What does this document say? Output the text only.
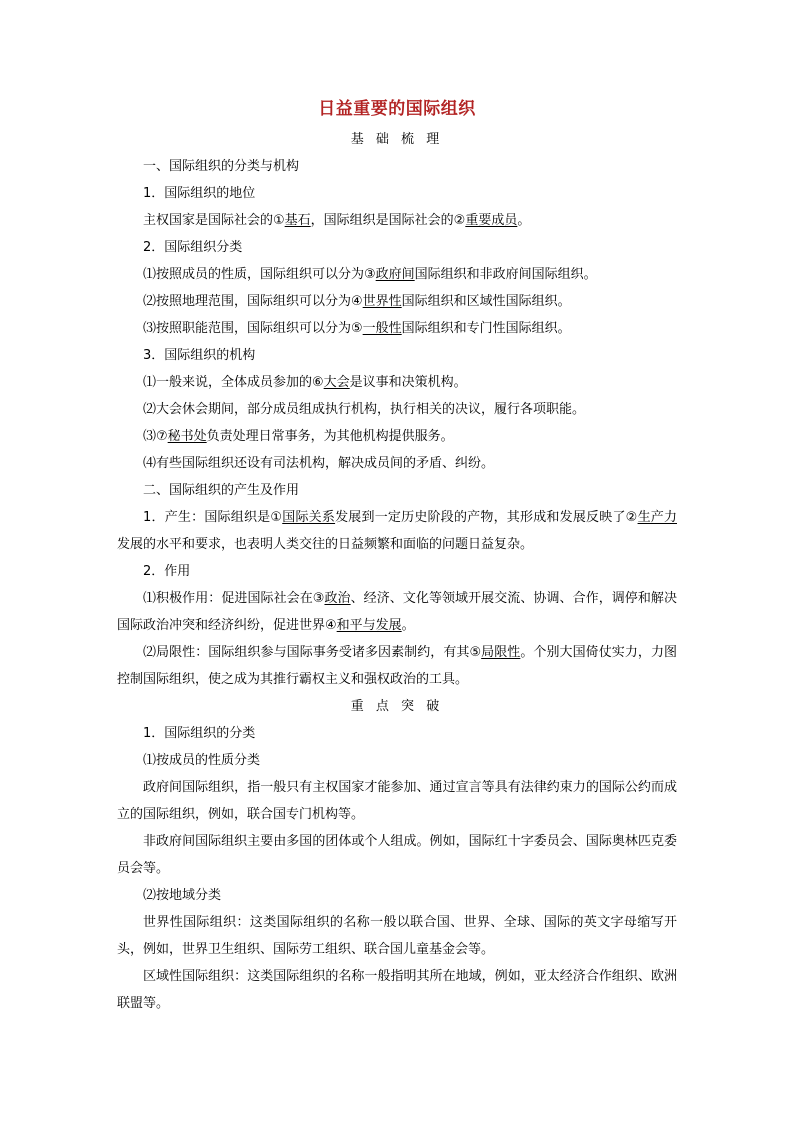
日益重要的国际组织

基 础 梳 理

一、国际组织的分类与机构

1．国际组织的地位

主权国家是国际社会的①基石，国际组织是国际社会的②重要成员。

2．国际组织分类

⑴按照成员的性质，国际组织可以分为③政府间国际组织和非政府间国际组织。

⑵按照地理范围，国际组织可以分为④世界性国际组织和区域性国际组织。

⑶按照职能范围，国际组织可以分为⑤一般性国际组织和专门性国际组织。

3．国际组织的机构

⑴一般来说，全体成员参加的⑥大会是议事和决策机构。

⑵大会休会期间，部分成员组成执行机构，执行相关的决议，履行各项职能。

⑶⑦秘书处负责处理日常事务，为其他机构提供服务。

⑷有些国际组织还设有司法机构，解决成员间的矛盾、纠纷。

二、国际组织的产生及作用

1．产生：国际组织是①国际关系发展到一定历史阶段的产物，其形成和发展反映了②生产力发展的水平和要求，也表明人类交往的日益频繁和面临的问题日益复杂。

2．作用

⑴积极作用：促进国际社会在③政治、经济、文化等领域开展交流、协调、合作，调停和解决国际政治冲突和经济纠纷，促进世界④和平与发展。

⑵局限性：国际组织参与国际事务受诸多因素制约，有其⑤局限性。个别大国倚仗实力，力图控制国际组织，使之成为其推行霸权主义和强权政治的工具。

重 点 突 破

1．国际组织的分类

⑴按成员的性质分类

政府间国际组织，指一般只有主权国家才能参加、通过宣言等具有法律约束力的国际公约而成立的国际组织，例如，联合国专门机构等。

非政府间国际组织主要由多国的团体或个人组成。例如，国际红十字委员会、国际奥林匹克委员会等。

⑵按地域分类

世界性国际组织：这类国际组织的名称一般以联合国、世界、全球、国际的英文字母缩写开头，例如，世界卫生组织、国际劳工组织、联合国儿童基金会等。

区域性国际组织：这类国际组织的名称一般指明其所在地域，例如，亚太经济合作组织、欧洲联盟等。
